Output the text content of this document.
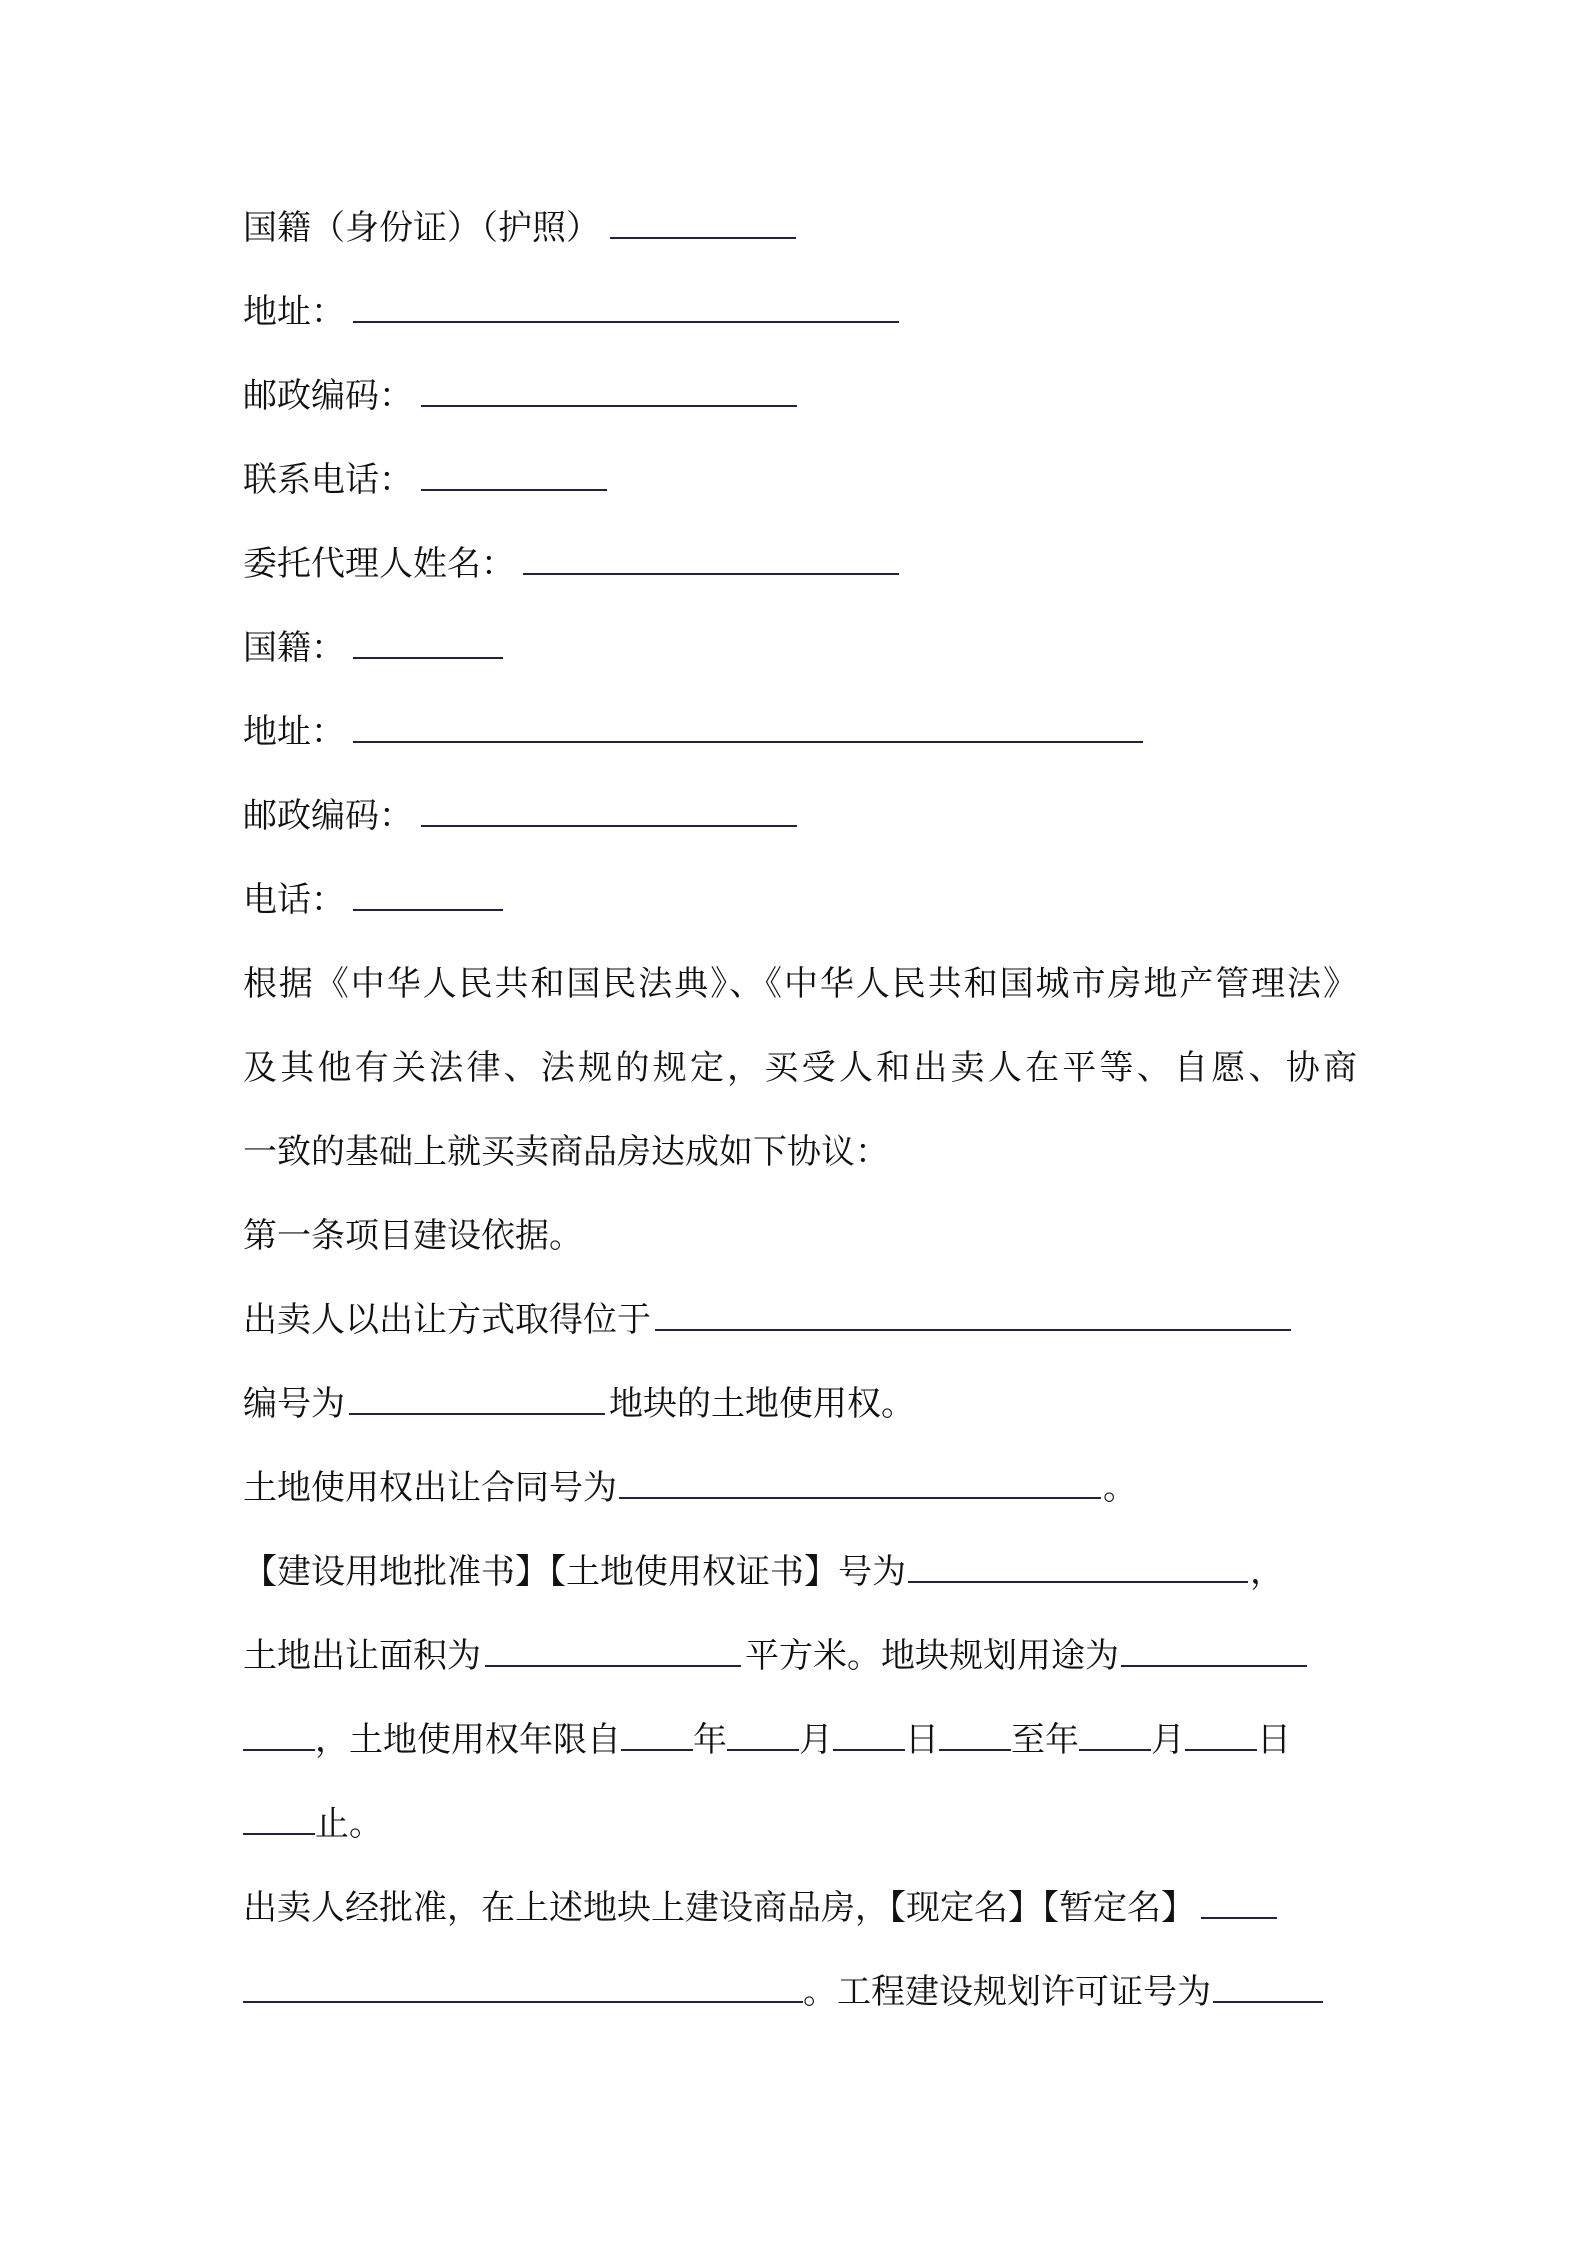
国籍（身份证）（护照）
地址：
邮政编码：
联系电话：
委托代理人姓名：
国籍：
地址：
邮政编码：
电话：
根据《中华人民共和国民法典》、《中华人民共和国城市房地产管理法》
及其他有关法律、法规的规定，买受人和出卖人在平等、自愿、协商
一致的基础上就买卖商品房达成如下协议：
第一条项目建设依据。
出卖人以出让方式取得位于
编号为	地块的土地使用权。
土地使用权出让合同号为	。
【建设用地批准书】【土地使用权证书】号为	，
土地出让面积为	平方米。地块规划用途为
，土地使用权年限自 年 月 日 至年 月 日
止。
出卖人经批准，在上述地块上建设商品房，【现定名】【暂定名】
。工程建设规划许可证号为
